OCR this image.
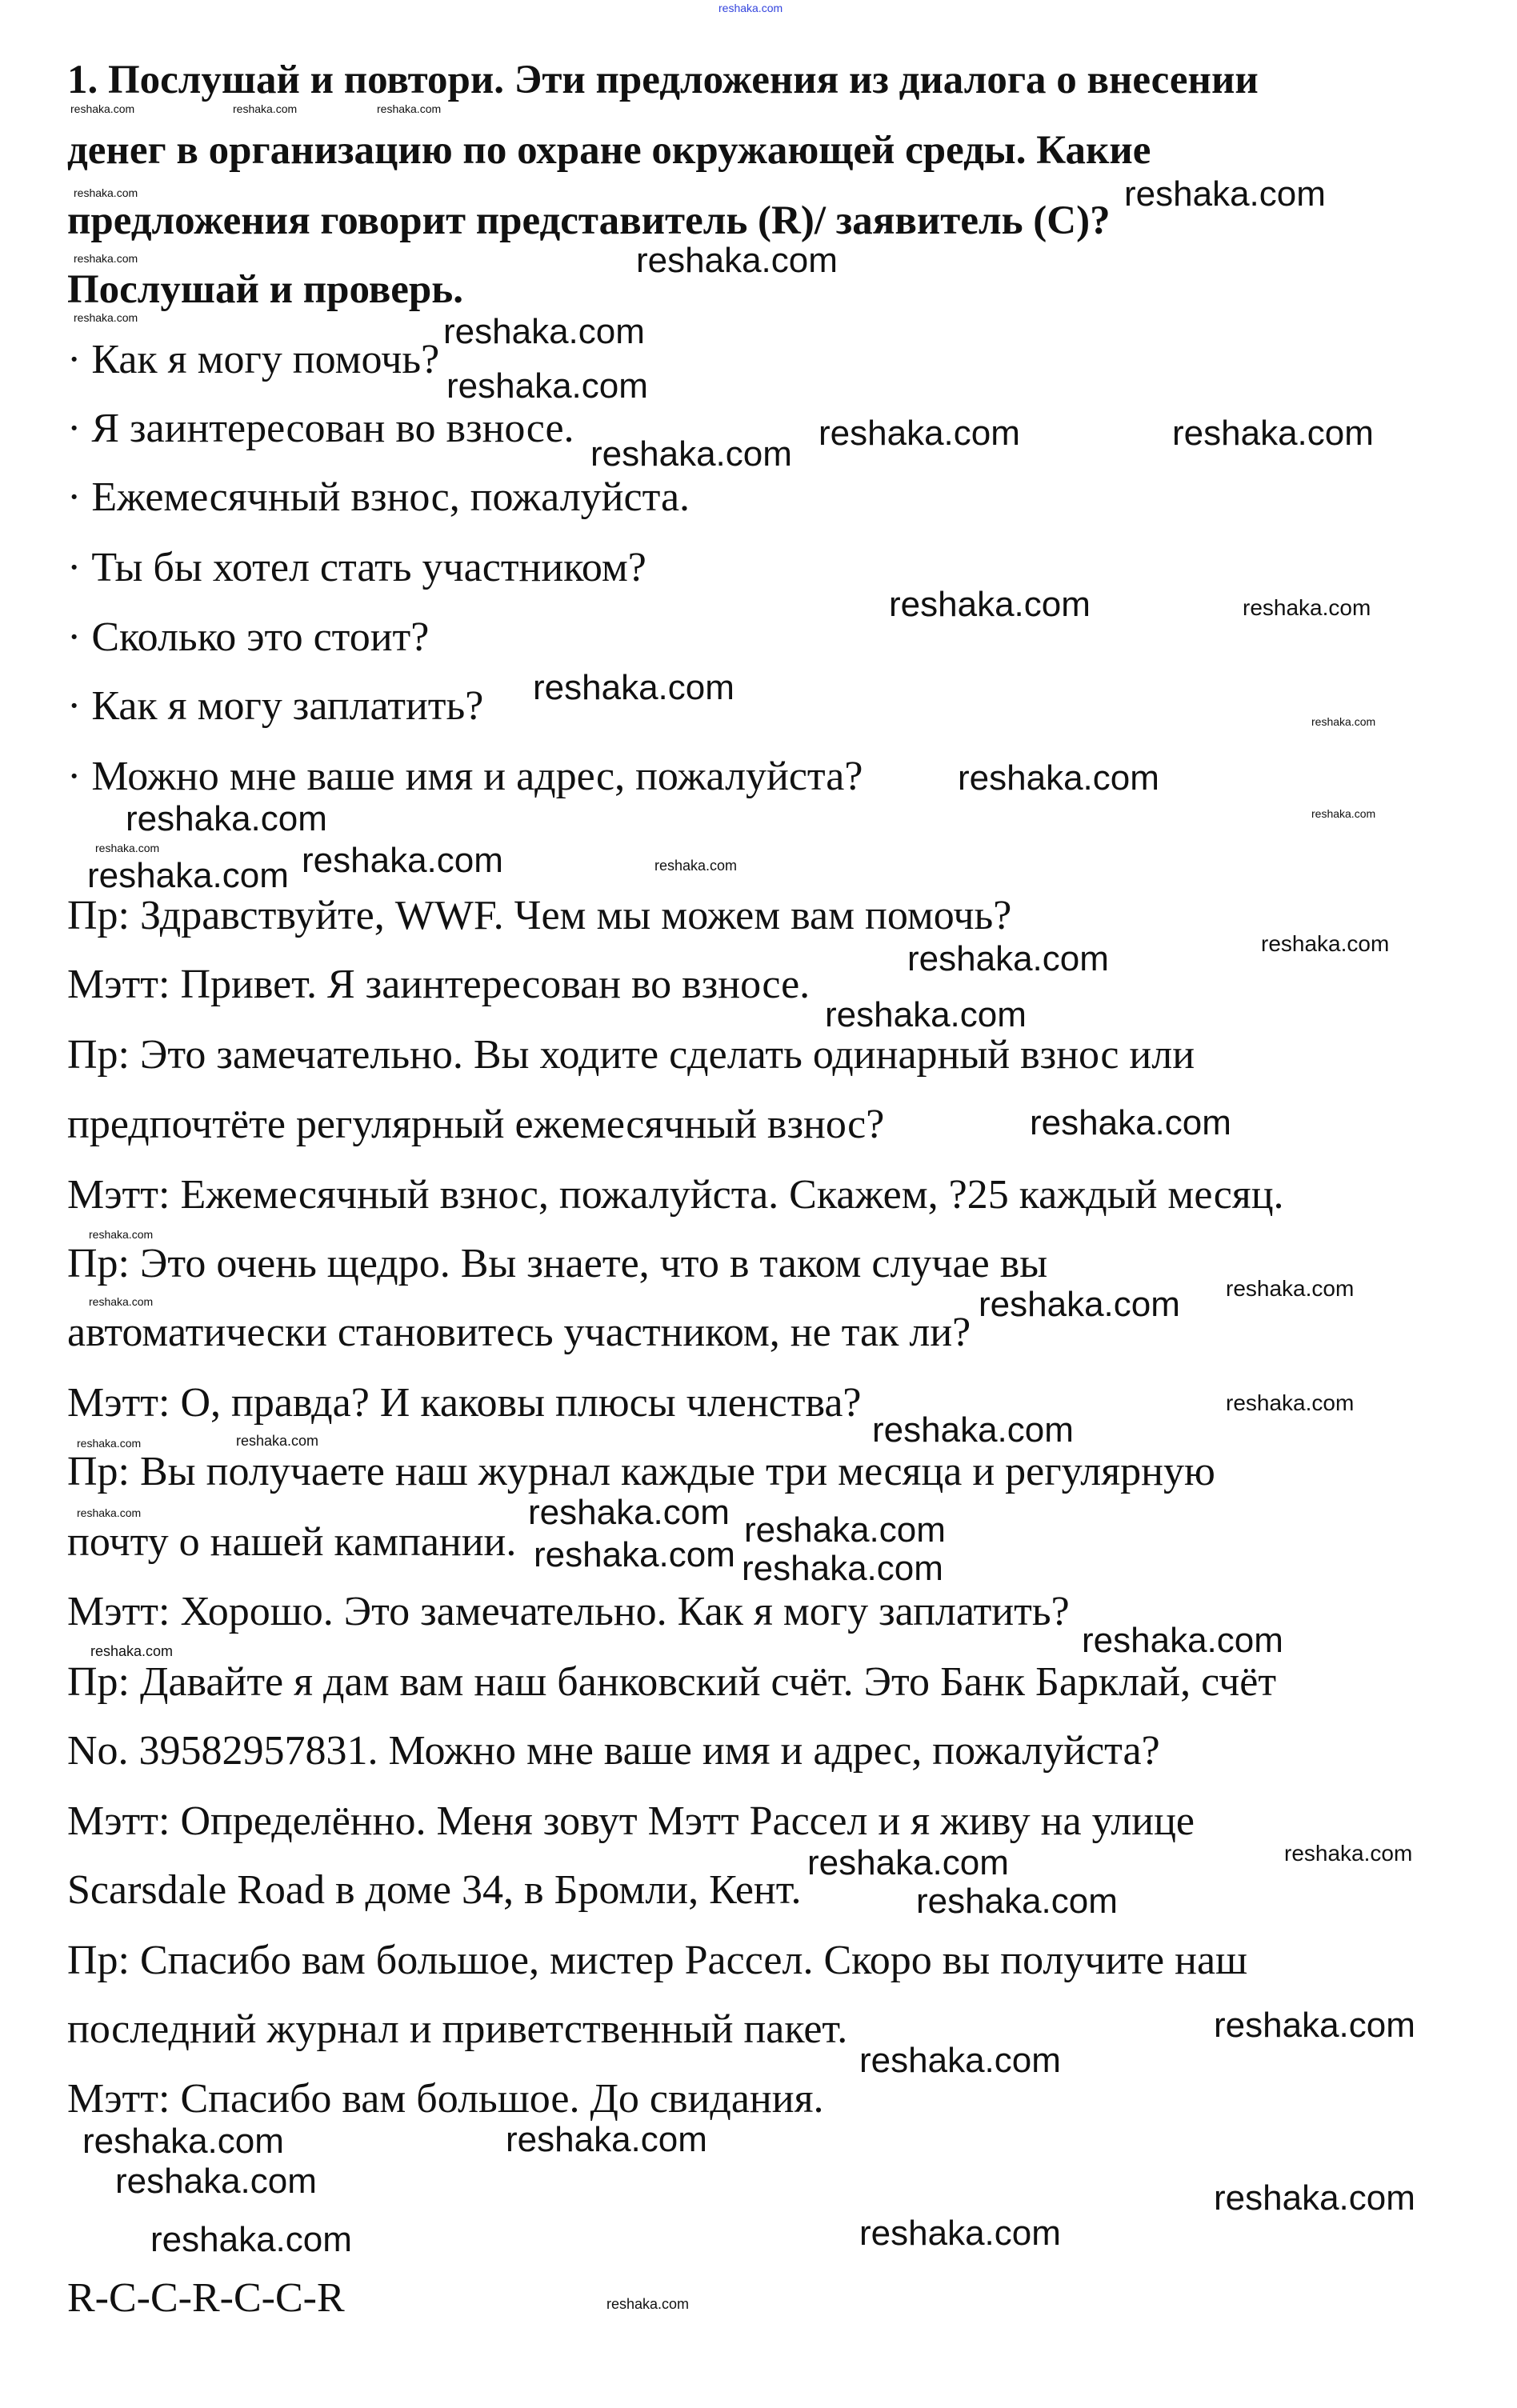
1. Послушай и повтори. Эти предложения из диалога о внесении
денег в организацию по охране окружающей среды. Какие
предложения говорит представитель (R)/ заявитель (C)?
Послушай и проверь.
· Как я могу помочь?
· Я заинтересован во взносе.
· Ежемесячный взнос, пожалуйста.
· Ты бы хотел стать участником?
· Сколько это стоит?
· Как я могу заплатить?
· Можно мне ваше имя и адрес, пожалуйста?
Пр: Здравствуйте, WWF. Чем мы можем вам помочь?
Мэтт: Привет. Я заинтересован во взносе.
Пр: Это замечательно. Вы ходите сделать одинарный взнос или
предпочтёте регулярный ежемесячный взнос?
Мэтт: Ежемесячный взнос, пожалуйста. Скажем, ?25 каждый месяц.
Пр: Это очень щедро. Вы знаете, что в таком случае вы
автоматически становитесь участником, не так ли?
Мэтт: О, правда? И каковы плюсы членства?
Пр: Вы получаете наш журнал каждые три месяца и регулярную
почту о нашей кампании.
Мэтт: Хорошо. Это замечательно. Как я могу заплатить?
Пр: Давайте я дам вам наш банковский счёт. Это Банк Барклай, счёт
No. 39582957831. Можно мне ваше имя и адрес, пожалуйста?
Мэтт: Определённо. Меня зовут Мэтт Рассел и я живу на улице
Scarsdale Road в доме 34, в Бромли, Кент.
Пр: Спасибо вам большое, мистер Рассел. Скоро вы получите наш
последний журнал и приветственный пакет.
Мэтт: Спасибо вам большое. До свидания.
R-C-C-R-C-C-R
reshaka.com
reshaka.com
reshaka.com
reshaka.com
reshaka.com	reshaka.com
reshaka.com
reshaka.com
reshaka.com
reshaka.com
reshaka.com
reshaka.com
reshaka.com
reshaka.com
reshaka.com
reshaka.com
reshaka.com
reshaka.com
reshaka.com
reshaka.com
reshaka.com
reshaka.com
reshaka.com
reshaka.com
reshaka.com
reshaka.com
reshaka.com
reshaka.com
reshaka.com
reshaka.com
reshaka.com
reshaka.com
reshaka.com	reshaka.com
reshaka.com
reshaka.com
reshaka.com
reshaka.com
reshaka.com
reshaka.com
reshaka.com
reshaka.com
reshaka.com
reshaka.com	reshaka.com	reshaka.com
reshaka.com
reshaka.com
reshaka.com
reshaka.com
reshaka.com
reshaka.com
reshaka.com
reshaka.com
reshaka.com
reshaka.com
